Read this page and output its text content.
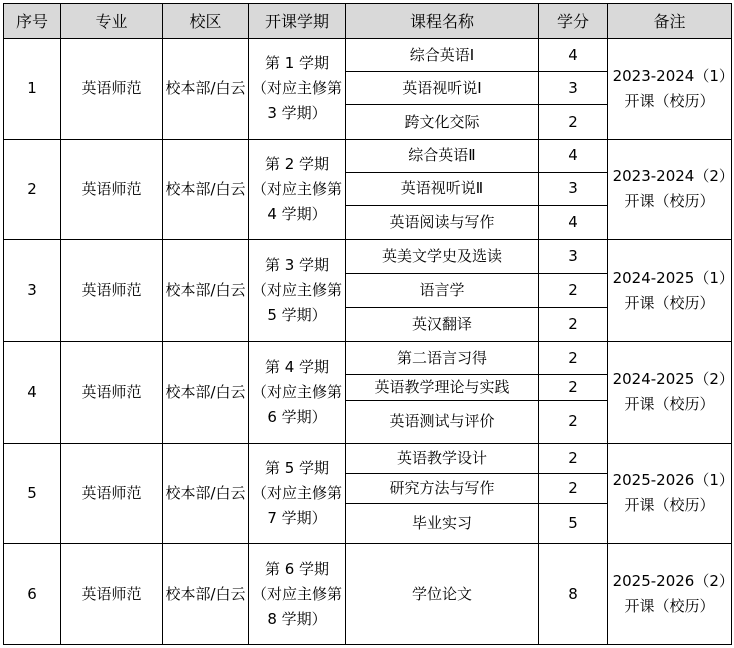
序号	专业	校区	开课学期	课程名称	学分	备注
1	英语师范	校本部/白云	第 1 学期（对应主修第 3 学期）	综合英语Ⅰ	4	2023-2024（1）开课（校历）
				英语视听说Ⅰ	3	
				跨文化交际	2	
2	英语师范	校本部/白云	第 2 学期（对应主修第 4 学期）	综合英语Ⅱ	4	2023-2024（2）开课（校历）
				英语视听说Ⅱ	3	
				英语阅读与写作	4	
3	英语师范	校本部/白云	第 3 学期（对应主修第 5 学期）	英美文学史及选读	3	2024-2025（1）开课（校历）
				语言学	2	
				英汉翻译	2	
4	英语师范	校本部/白云	第 4 学期（对应主修第 6 学期）	第二语言习得	2	2024-2025（2）开课（校历）
				英语教学理论与实践	2	
				英语测试与评价	2	
5	英语师范	校本部/白云	第 5 学期（对应主修第 7 学期）	英语教学设计	2	2025-2026（1）开课（校历）
				研究方法与写作	2	
				毕业实习	5	
6	英语师范	校本部/白云	第 6 学期（对应主修第 8 学期）	学位论文	8	2025-2026（2）开课（校历）
